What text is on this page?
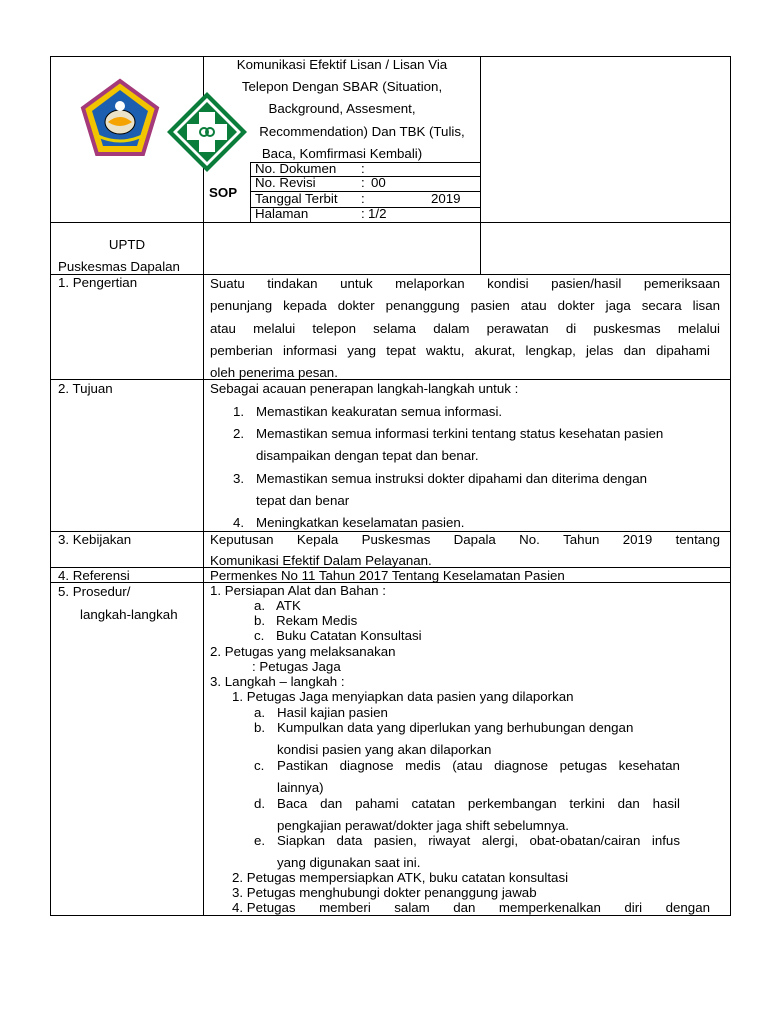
Komunikasi Efektif Lisan / Lisan Via
Telepon Dengan SBAR (Situation,
Background, Assesment,
Recommendation) Dan TBK (Tulis,
Baca, Komfirmasi Kembali)
SOP
No. Dokumen :
No. Revisi	: 00
Tanggal Terbit :	2019
Halaman	: 1/2
UPTD
Puskesmas Dapalan
1. Pengertian	Suatu tindakan untuk melaporkan kondisi pasien/hasil pemeriksaan
penunjang kepada dokter penanggung pasien atau dokter jaga secara lisan
atau melalui telepon selama dalam perawatan di puskesmas melalui
pemberian informasi yang tepat waktu, akurat, lengkap, jelas dan dipahami
oleh penerima pesan.
2. Tujuan	Sebagai acauan penerapan langkah-langkah untuk :
1. Memastikan keakuratan semua informasi.
2. Memastikan semua informasi terkini tentang status kesehatan pasien
disampaikan dengan tepat dan benar.
3. Memastikan semua instruksi dokter dipahami dan diterima dengan
tepat dan benar
4. Meningkatkan keselamatan pasien.
3. Kebijakan	Keputusan Kepala Puskesmas Dapala No. Tahun 2019 tentang
Komunikasi Efektif Dalam Pelayanan.
4. Referensi	Permenkes No 11 Tahun 2017 Tentang Keselamatan Pasien
5. Prosedur/
langkah-langkah
1. Persiapan Alat dan Bahan :
a. ATK
b. Rekam Medis
c. Buku Catatan Konsultasi
2. Petugas yang melaksanakan
: Petugas Jaga
3. Langkah – langkah :
1. Petugas Jaga menyiapkan data pasien yang dilaporkan
a. Hasil kajian pasien
b. Kumpulkan data yang diperlukan yang berhubungan dengan
kondisi pasien yang akan dilaporkan
c. Pastikan diagnose medis (atau diagnose petugas kesehatan
lainnya)
d. Baca dan pahami catatan perkembangan terkini dan hasil
pengkajian perawat/dokter jaga shift sebelumnya.
e. Siapkan data pasien, riwayat alergi, obat-obatan/cairan infus
yang digunakan saat ini.
2. Petugas mempersiapkan ATK, buku catatan konsultasi
3. Petugas menghubungi dokter penanggung jawab
4. Petugas memberi salam dan memperkenalkan diri dengan
